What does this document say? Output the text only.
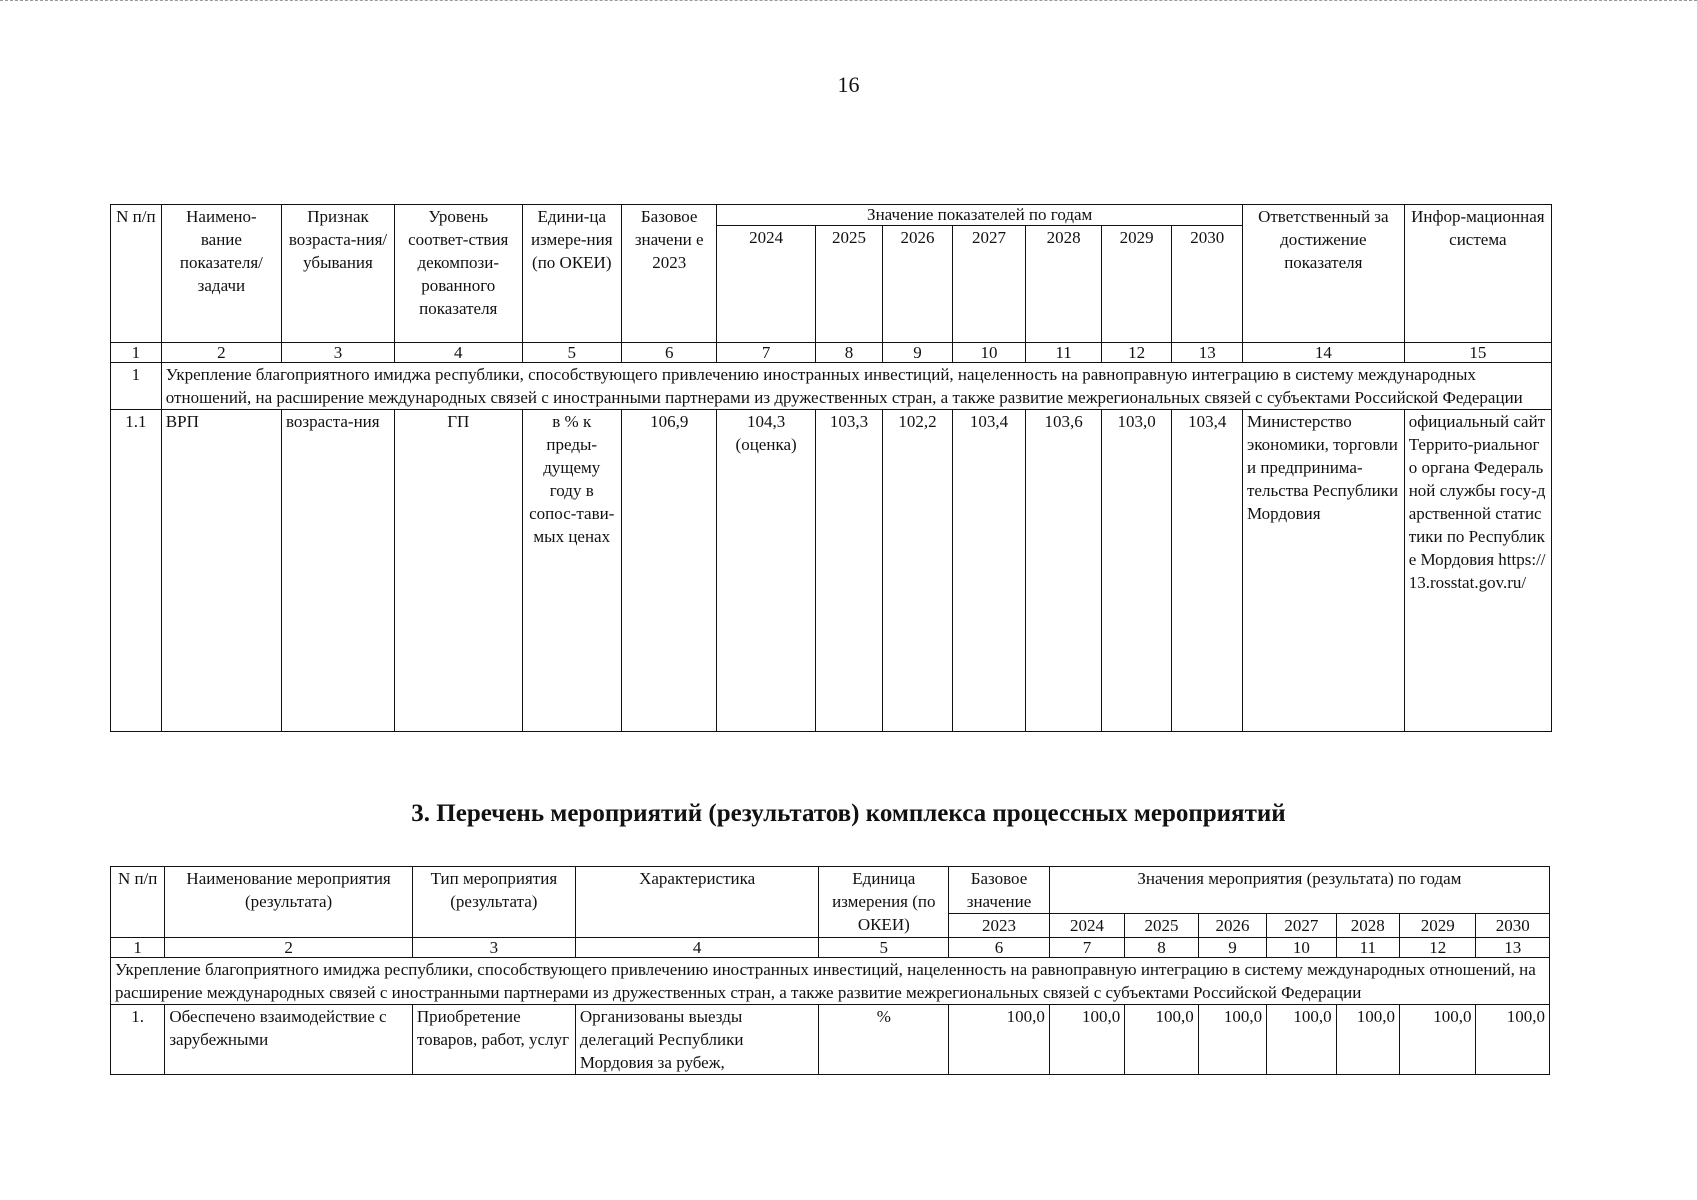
16
N п/п	Наимено-вание показателя/ задачи	Признак возраста-ния/ убывания	Уровень соответ-ствия декомпози-рованного показателя	Едини-ца измере-ния (по ОКЕИ)	Базовое значени е 2023	Значение показателей по годам							Ответственный за достижение показателя	Инфор-мационная система
						2024	2025	2026	2027	2028	2029	2030		
1	2	3	4	5	6	7	8	9	10	11	12	13	14	15
1	Укрепление благоприятного имиджа республики, способствующего привлечению иностранных инвестиций, нацеленность на равноправную интеграцию в систему международных отношений, на расширение международных связей с иностранными партнерами из дружественных стран, а также развитие межрегиональных связей с субъектами Российской Федерации													
1.1	ВРП	возраста-ния	ГП	в % к преды-дущему году в сопос-тави-мых ценах	106,9	104,3 (оценка)	103,3	102,2	103,4	103,6	103,0	103,4	Министерство экономики, торговли и предпринима-тельства Республики Мордовия	официальный сайт Террито-риального органа Федеральной службы госу-дарственной статистики по Республике Мордовия https://13.rosstat.gov.ru/
3. Перечень мероприятий (результатов) комплекса процессных мероприятий
N п/п	Наименование мероприятия (результата)	Тип мероприятия (результата)	Характеристика	Единица измерения (по ОКЕИ)	Базовое значение	Значения мероприятия (результата) по годам						
					2023	2024	2025	2026	2027	2028	2029	2030
1	2	3	4	5	6	7	8	9	10	11	12	13
Укрепление благоприятного имиджа республики, способствующего привлечению иностранных инвестиций, нацеленность на равноправную интеграцию в систему международных отношений, на расширение международных связей с иностранными партнерами из дружественных стран, а также развитие межрегиональных связей с субъектами Российской Федерации												
1.	Обеспечено взаимодействие с зарубежными	Приобретение товаров, работ, услуг	Организованы выезды делегаций Республики Мордовия за рубеж,	%	100,0	100,0	100,0	100,0	100,0	100,0	100,0	100,0
